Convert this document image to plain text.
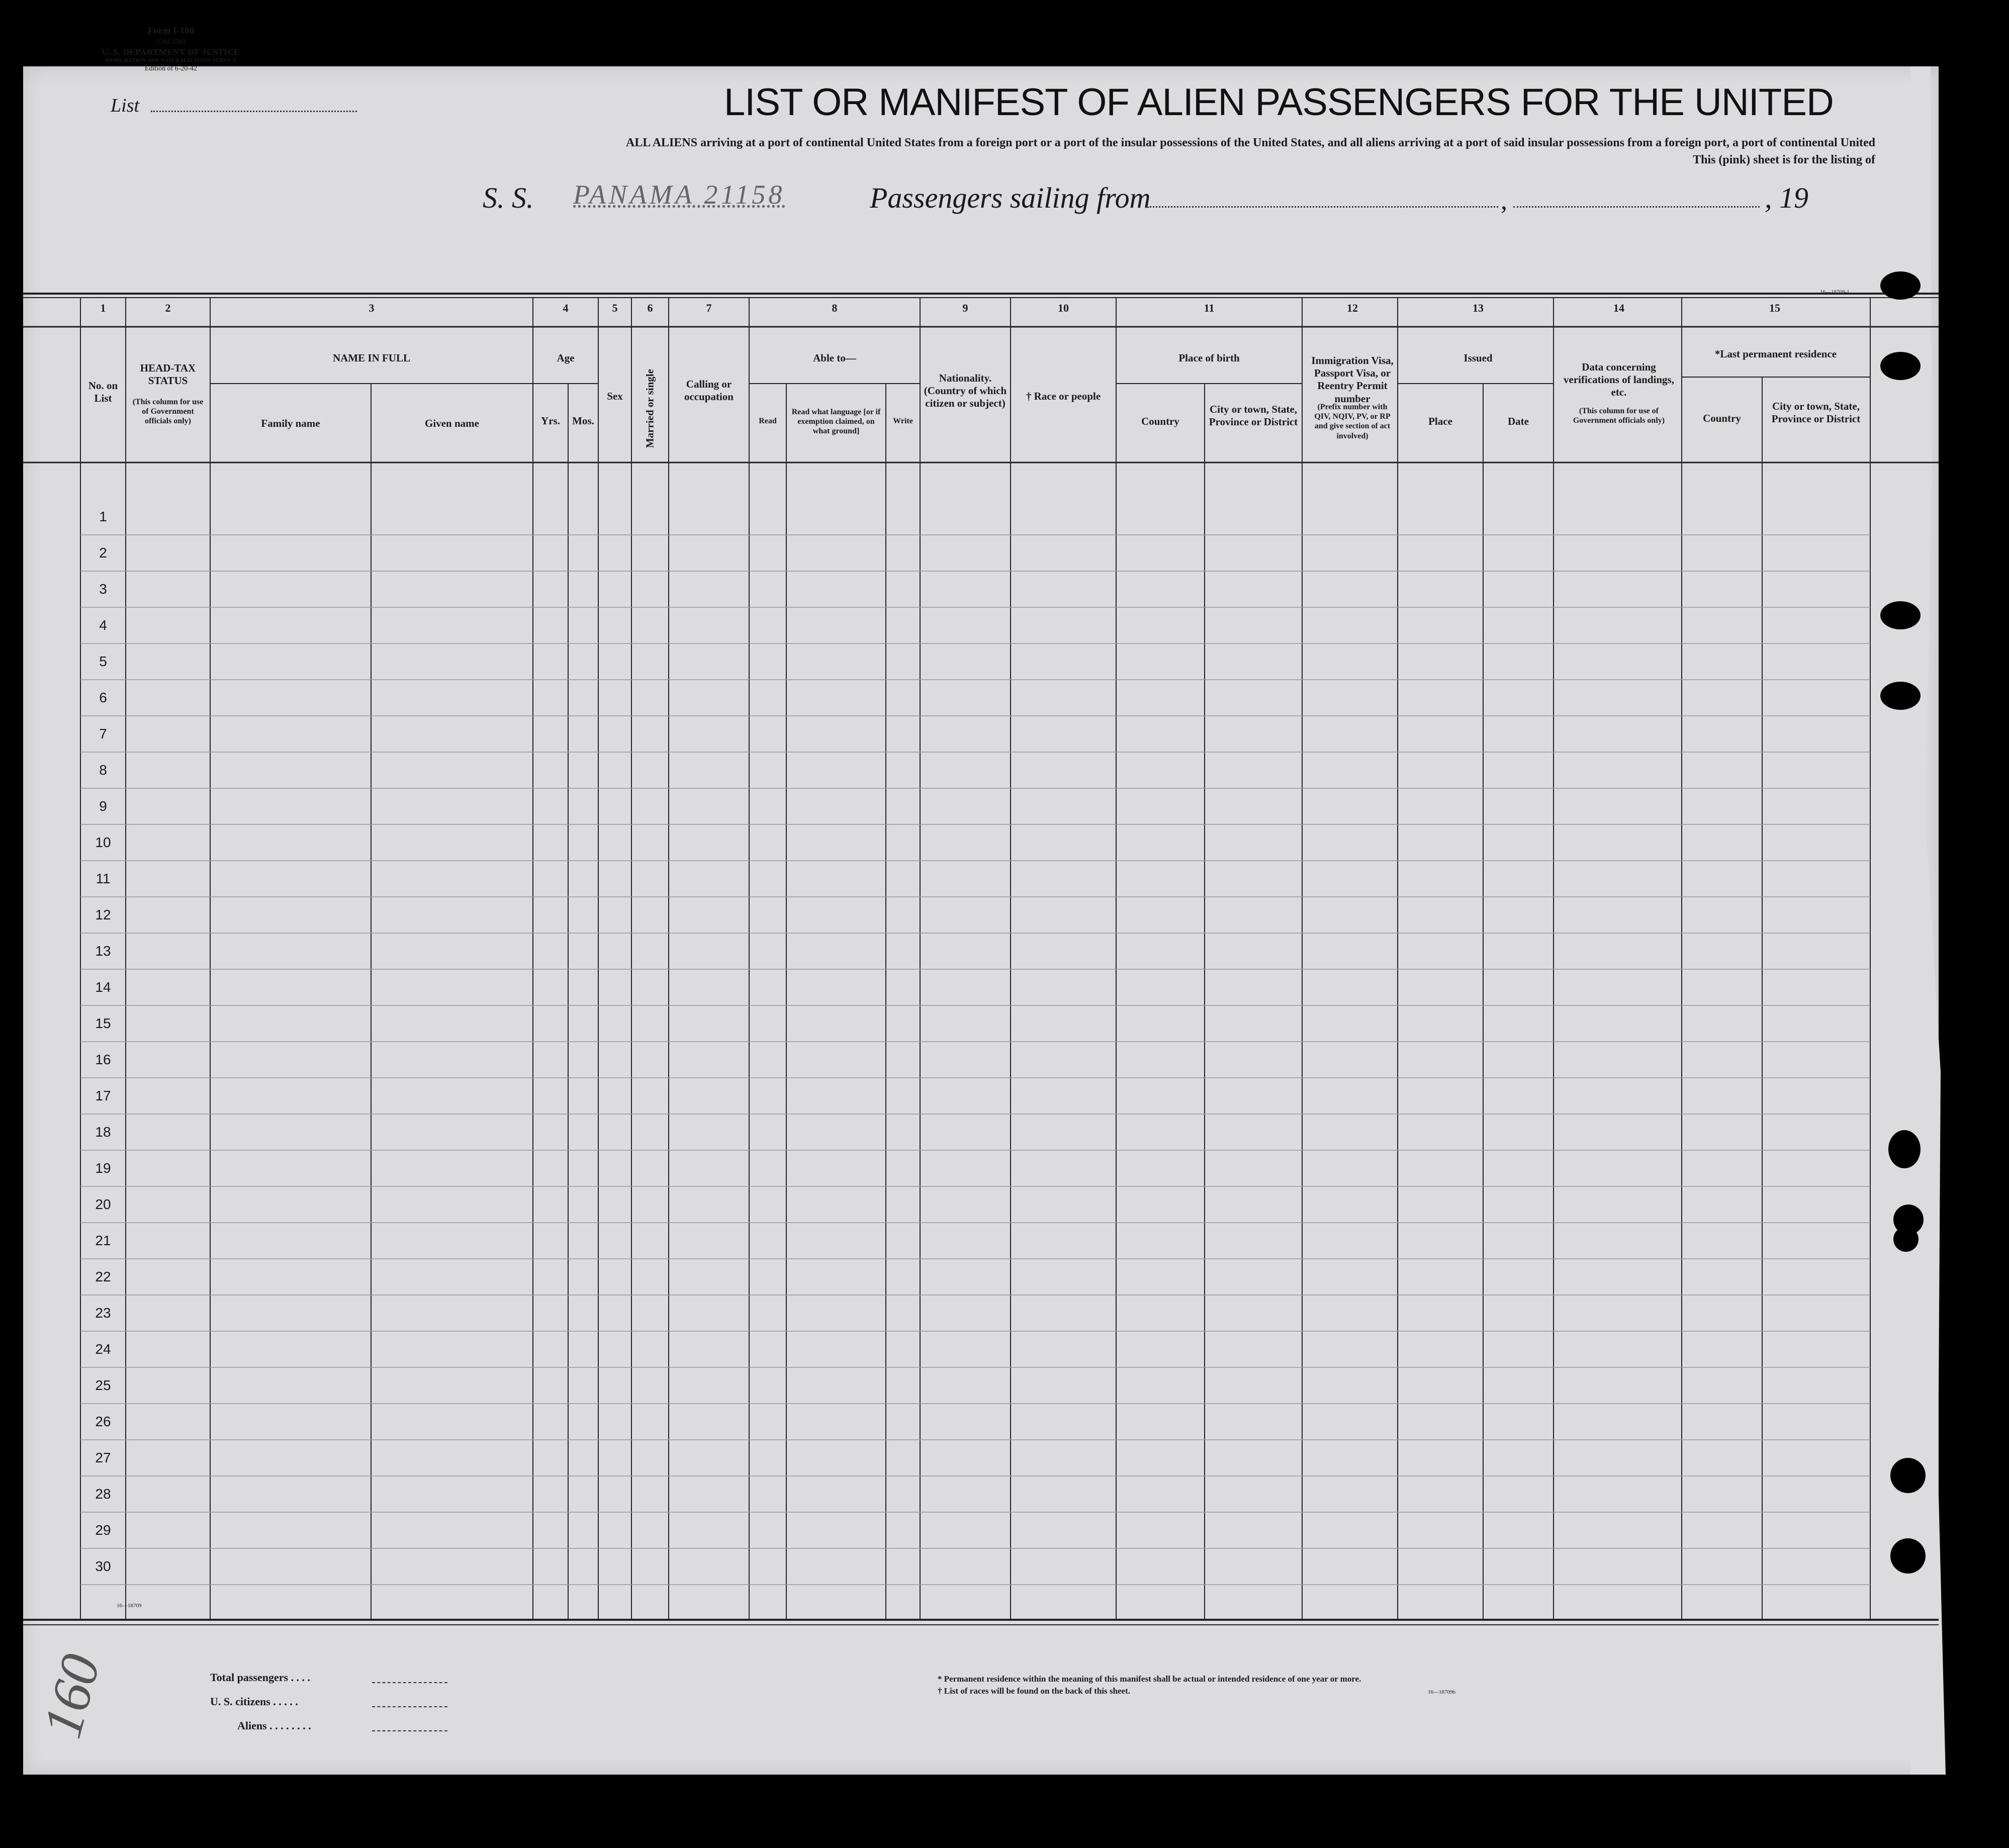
Form I-100
(Old 500)
U. S. DEPARTMENT OF JUSTICE
IMMIGRATION AND NATURALIZATION SERVICE
Edition of 6-20-42
List	LIST OR MANIFEST OF ALIEN PASSENGERS FOR THE UNITED
ALL ALIENS arriving at a port of continental United States from a foreign port or a port of the insular possessions of the United States, and all aliens arriving at a port of said insular possessions from a foreign port, a port of continental United
This (pink) sheet is for the listing of
S. S. PANAMA 21158	Passengers sailing from	,	, 19
16—18709-1
1	2	3	4	5	6	7	8	9	10	11	12	13	14	15
No. on List
HEAD-TAX STATUS
(This column for use of Government officials only)
NAME IN FULL
Family name	Given name
Age
Yrs.	Mos.
Sex	Married or single	Calling or occupation
Able to—
Read
Read what language [or if exemption claimed, on what ground]
Write
Nationality. (Country of which citizen or subject)
† Race or people
Place of birth
Country
City or town, State, Province or District
Immigration Visa, Passport Visa, or Reentry Permit number
(Prefix number with QIV, NQIV, PV, or RP and give section of act involved)
Issued
Place	Date
Data concerning verifications of landings, etc.
(This column for use of Government officials only)
*Last permanent residence
Country
City or town, State, Province or District
1
2
3
4
5
6
7
8
9
10
11
12
13
14
15
16
17
18
19
20
21
22
23
24
25
26
27
28
29
30
16—18709
Total passengers . . . .
U. S. citizens . . . . .
Aliens . . . . . . . .
* Permanent residence within the meaning of this manifest shall be actual or intended residence of one year or more.
† List of races will be found on the back of this sheet.	16—18709b
160
